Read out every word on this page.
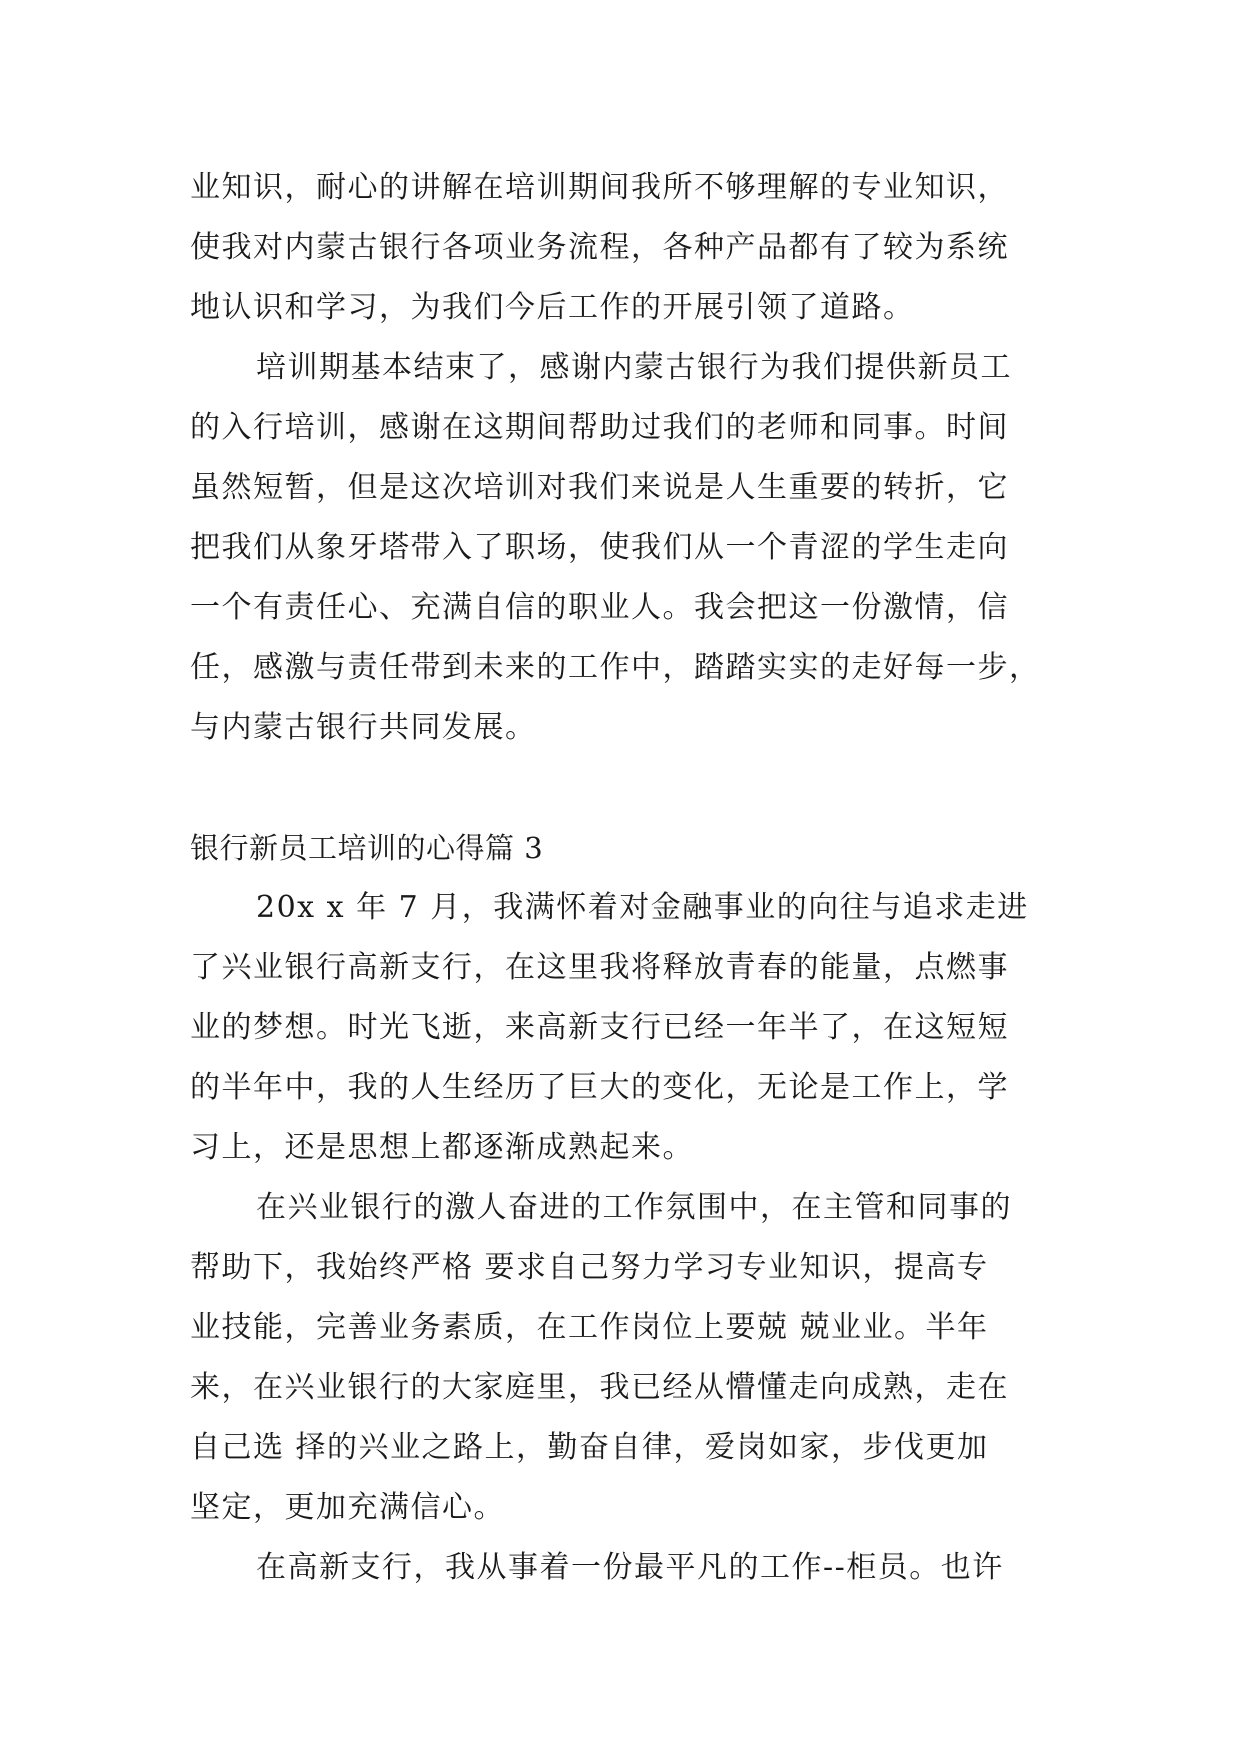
业知识，耐心的讲解在培训期间我所不够理解的专业知识，
使我对内蒙古银行各项业务流程，各种产品都有了较为系统
地认识和学习，为我们今后工作的开展引领了道路。
培训期基本结束了，感谢内蒙古银行为我们提供新员工
的入行培训，感谢在这期间帮助过我们的老师和同事。时间
虽然短暂，但是这次培训对我们来说是人生重要的转折，它
把我们从象牙塔带入了职场，使我们从一个青涩的学生走向
一个有责任心、充满自信的职业人。我会把这一份激情，信
任，感激与责任带到未来的工作中，踏踏实实的走好每一步，
与内蒙古银行共同发展。
银行新员工培训的心得篇 3
20x x 年 7 月，我满怀着对金融事业的向往与追求走进
了兴业银行高新支行，在这里我将释放青春的能量，点燃事
业的梦想。时光飞逝，来高新支行已经一年半了，在这短短
的半年中，我的人生经历了巨大的变化，无论是工作上，学
习上，还是思想上都逐渐成熟起来。
在兴业银行的激人奋进的工作氛围中，在主管和同事的
帮助下，我始终严格 要求自己努力学习专业知识，提高专
业技能，完善业务素质，在工作岗位上要兢 兢业业。半年
来，在兴业银行的大家庭里，我已经从懵懂走向成熟，走在
自己选 择的兴业之路上，勤奋自律，爱岗如家，步伐更加
坚定，更加充满信心。
在高新支行，我从事着一份最平凡的工作--柜员。也许
